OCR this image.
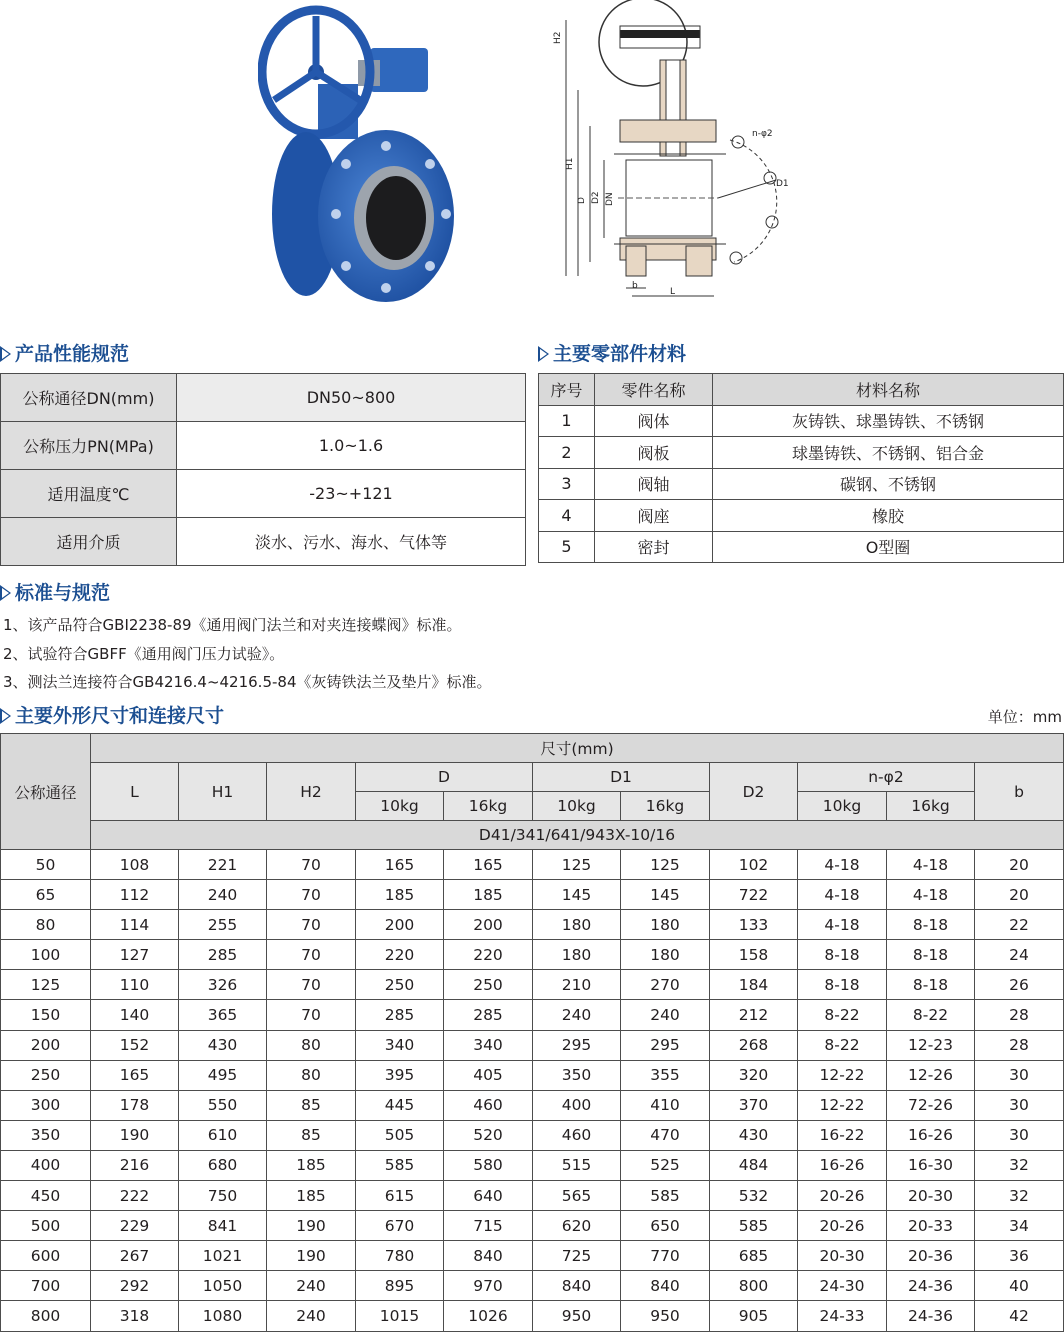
H2
H1
D D2 DN
n-φ2
D1
b
L
产品性能规范
公称通径DN(mm)	DN50~800
公称压力PN(MPa)	1.0~1.6
适用温度℃	-23~+121
适用介质	淡水、污水、海水、气体等
主要零部件材料
序号	零件名称	材料名称
1	阀体	灰铸铁、球墨铸铁、不锈钢
2	阀板	球墨铸铁、不锈钢、铝合金
3	阀轴	碳钢、不锈钢
4	阀座	橡胶
5	密封	O型圈
标准与规范
1、该产品符合GBI2238-89《通用阀门法兰和对夹连接蝶阀》标准。
2、试验符合GBFF《通用阀门压力试验》。
3、测法兰连接符合GB4216.4~4216.5-84《灰铸铁法兰及垫片》标准。
主要外形尺寸和连接尺寸	单位：mm
公称通径	尺寸(mm)										
	L	H1	H2	D		D1		D2	n-φ2		b
				10kg	16kg	10kg	16kg		10kg	16kg	
	D41/341/641/943X-10/16										
50	108	221	70	165	165	125	125	102	4-18	4-18	20
65	112	240	70	185	185	145	145	722	4-18	4-18	20
80	114	255	70	200	200	180	180	133	4-18	8-18	22
100	127	285	70	220	220	180	180	158	8-18	8-18	24
125	110	326	70	250	250	210	270	184	8-18	8-18	26
150	140	365	70	285	285	240	240	212	8-22	8-22	28
200	152	430	80	340	340	295	295	268	8-22	12-23	28
250	165	495	80	395	405	350	355	320	12-22	12-26	30
300	178	550	85	445	460	400	410	370	12-22	72-26	30
350	190	610	85	505	520	460	470	430	16-22	16-26	30
400	216	680	185	585	580	515	525	484	16-26	16-30	32
450	222	750	185	615	640	565	585	532	20-26	20-30	32
500	229	841	190	670	715	620	650	585	20-26	20-33	34
600	267	1021	190	780	840	725	770	685	20-30	20-36	36
700	292	1050	240	895	970	840	840	800	24-30	24-36	40
800	318	1080	240	1015	1026	950	950	905	24-33	24-36	42
